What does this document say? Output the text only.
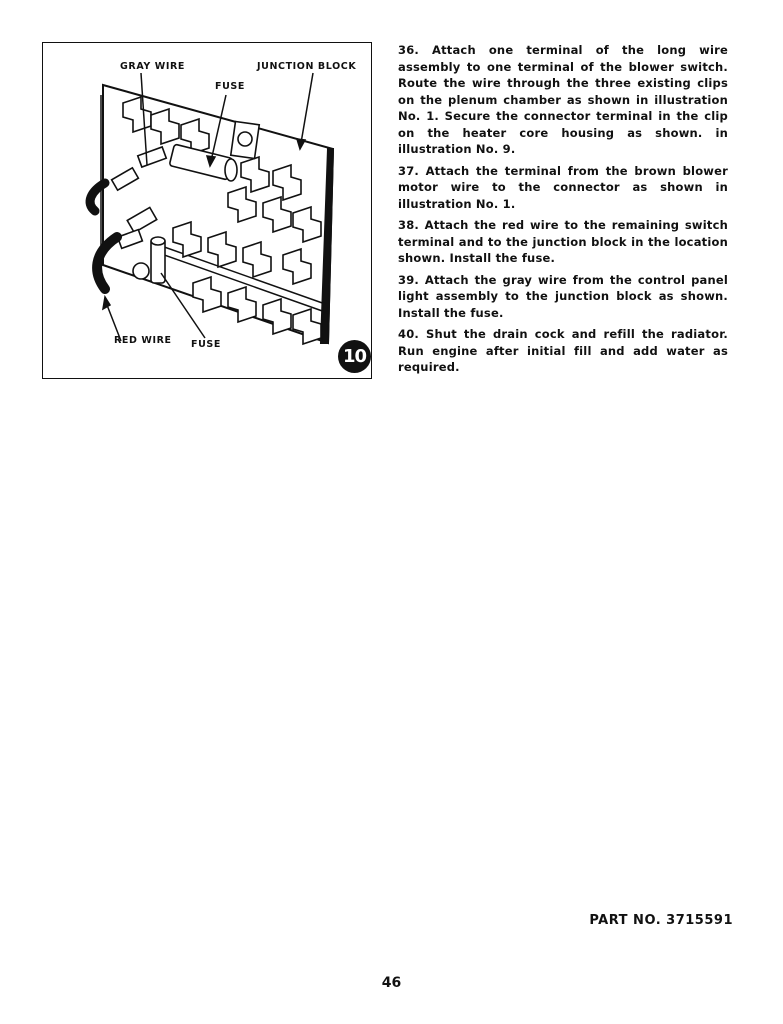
GRAY WIRE	JUNCTION BLOCK
FUSE
RED WIRE FUSE
10

36. Attach one terminal of the long wire assembly to one terminal of the blower switch. Route the wire through the three existing clips on the plenum chamber as shown in illustration No. 1. Secure the connector terminal in the clip on the heater core housing as shown. in illustration No. 9.

37. Attach the terminal from the brown blower motor wire to the connector as shown in illustration No. 1.

38. Attach the red wire to the remaining switch terminal and to the junction block in the location shown. Install the fuse.

39. Attach the gray wire from the control panel light assembly to the junction block as shown. Install the fuse.

40. Shut the drain cock and refill the radiator. Run engine after initial fill and add water as required.

PART NO. 3715591
46
